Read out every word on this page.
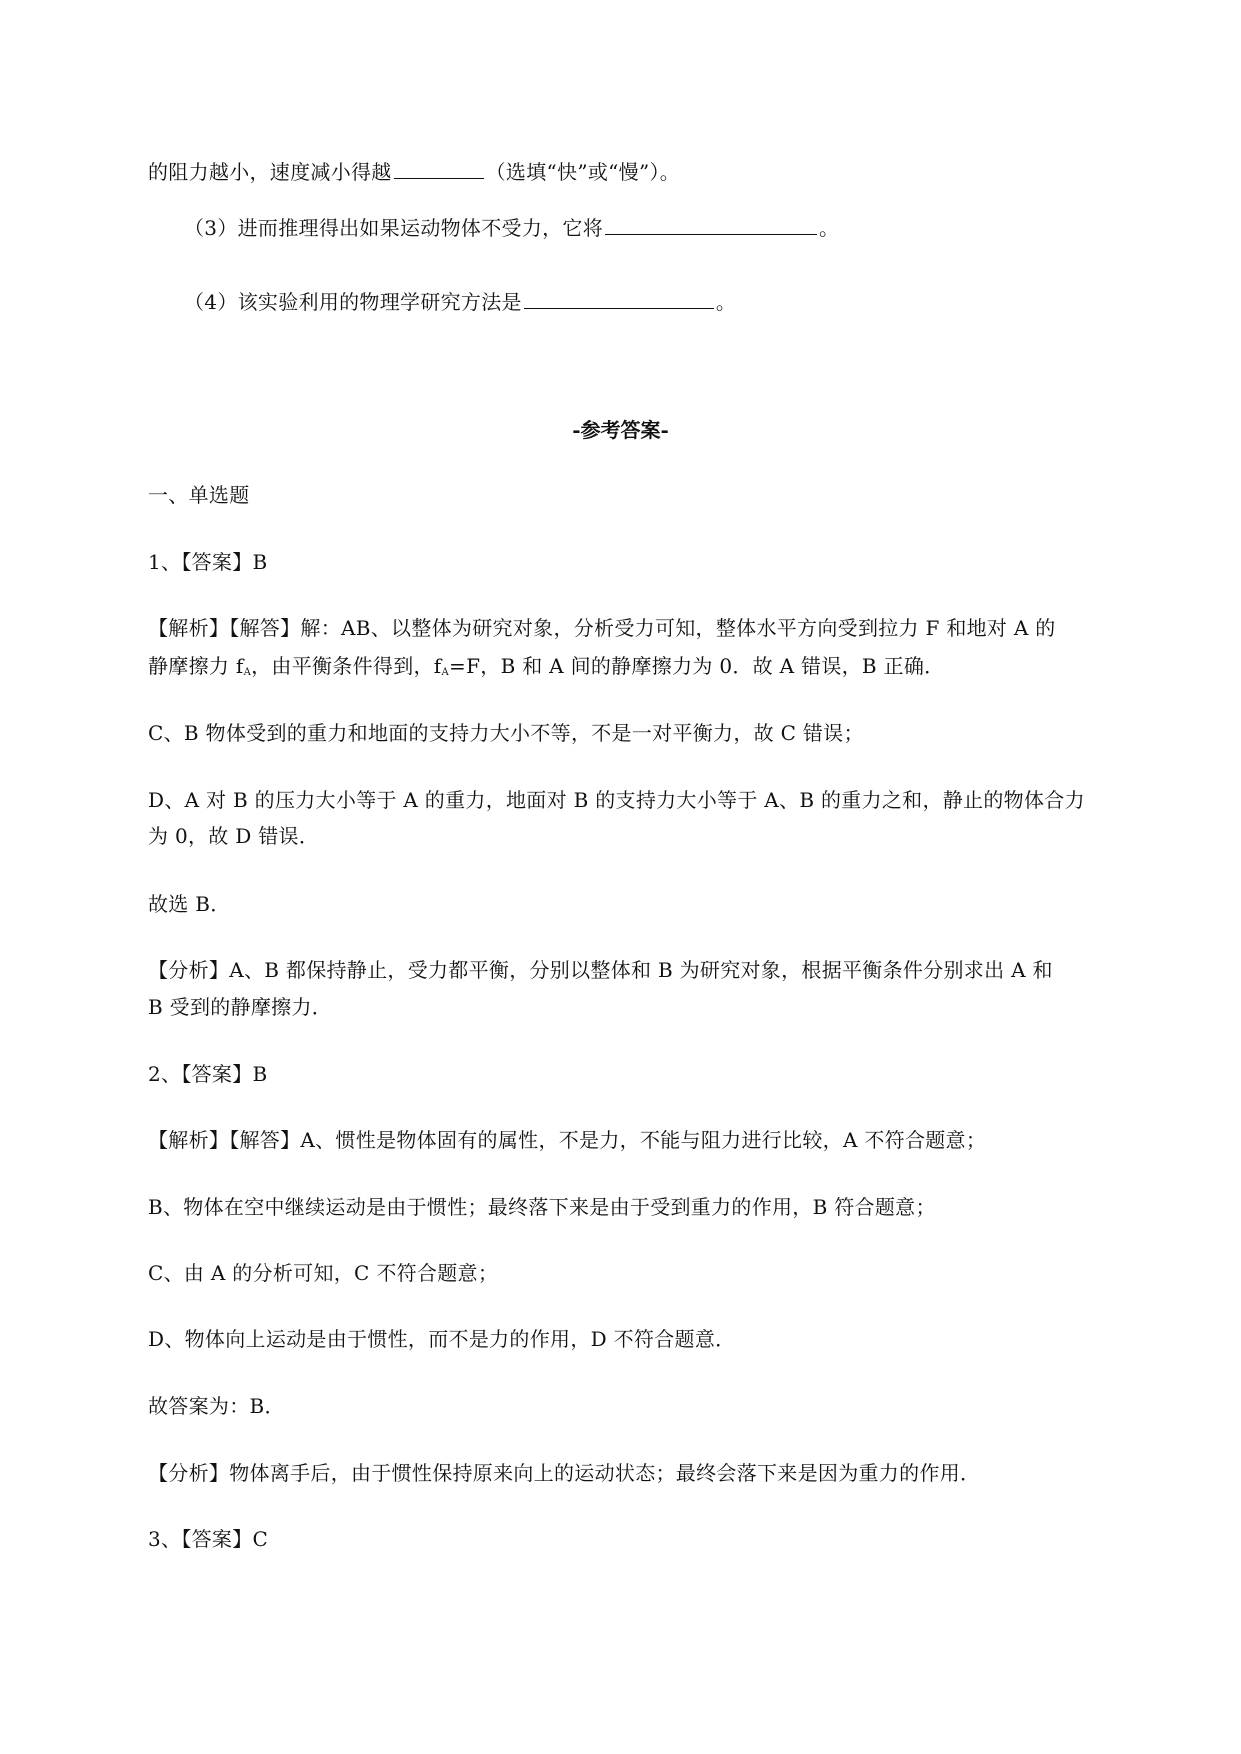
的阻力越小，速度减小得越	（选填“快”或“慢”）。
（3）进而推理得出如果运动物体不受力，它将	。
（4）该实验利用的物理学研究方法是	。
-参考答案-
一、单选题
1、【答案】B
【解析】【解答】解：AB、以整体为研究对象，分析受力可知，整体水平方向受到拉力 F 和地对 A 的
静摩擦力 $f_A$，由平衡条件得到，$f_A=F$，B 和 A 间的静摩擦力为 0．故 A 错误，B 正确．
C、B 物体受到的重力和地面的支持力大小不等，不是一对平衡力，故 C 错误；
D、A 对 B 的压力大小等于 A 的重力，地面对 B 的支持力大小等于 A、B 的重力之和，静止的物体合力
为 0，故 D 错误．
故选 B．
【分析】A、B 都保持静止，受力都平衡，分别以整体和 B 为研究对象，根据平衡条件分别求出 A 和
B 受到的静摩擦力．
2、【答案】B
【解析】【解答】A、惯性是物体固有的属性，不是力，不能与阻力进行比较，A 不符合题意；
B、物体在空中继续运动是由于惯性；最终落下来是由于受到重力的作用，B 符合题意；
C、由 A 的分析可知，C 不符合题意；
D、物体向上运动是由于惯性，而不是力的作用，D 不符合题意．
故答案为：B．
【分析】物体离手后，由于惯性保持原来向上的运动状态；最终会落下来是因为重力的作用．
3、【答案】C
